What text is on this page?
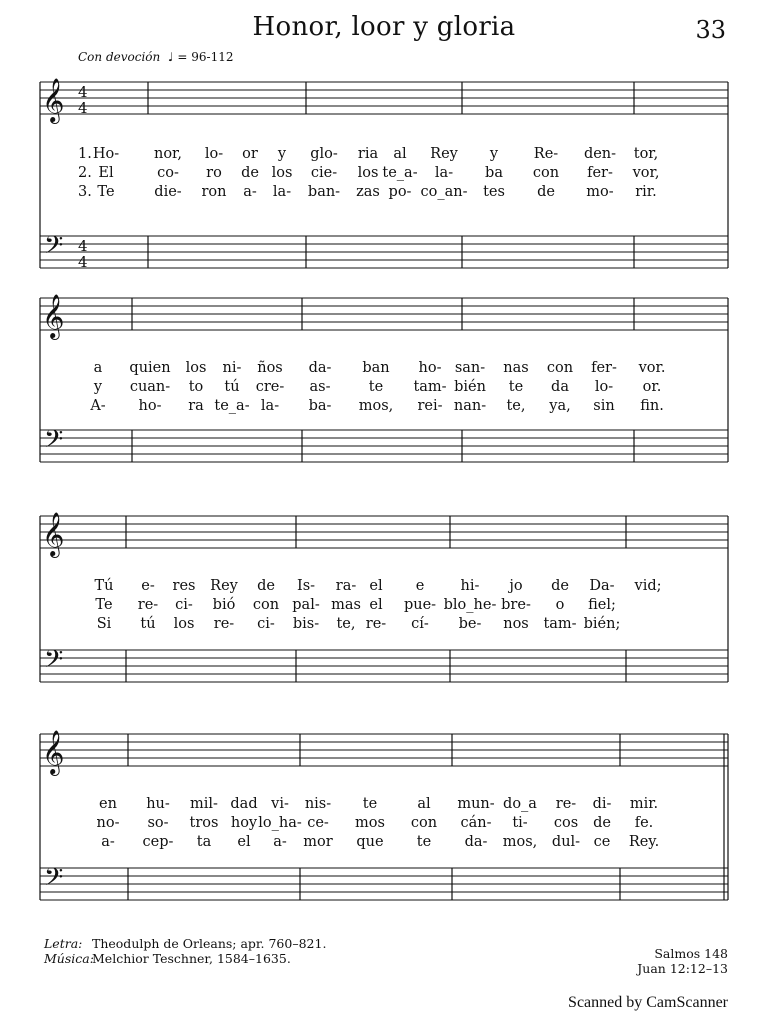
Honor, loor y gloria	33
Con devoción ♩ = 96-112
𝄞
𝄢
4
4
4
4
1. Ho- nor, lo- or y glo- ria al Rey y Re- den- tor,
2. El	co- ro de los cie- los te_a- la- ba con fer- vor,
3. Te	die- ron a- la- ban- zas po- co_an- tes de mo- rir.
𝄞
𝄢
a quien los ni- ños da- ban ho- san- nas con fer- vor.
y cuan- to tú cre- as-	te tam- bién te da lo- or.
A- ho- ra te_a- la- ba- mos, rei- nan- te, ya, sin fin.
𝄞
𝄢
Tú e- res Rey de Is- ra- el e	hi- jo de Da- vid;
Te re- ci- bió con pal- mas el pue- blo_he- bre- o fiel;
Si tú los re- ci- bis- te, re- cí- be- nos tam- bién;
𝄞
𝄢
en hu- mil- dad vi- nis- te	al mun- do_a re- di- mir.
no- so- tros hoy lo_ha- ce- mos con cán- ti- cos de fe.
a- cep- ta el a- mor que te da- mos, dul- ce Rey.
Letra: Theodulph de Orleans; apr. 760–821.
Música:Melchior Teschner, 1584–1635.	Salmos 148
Juan 12:12–13
Scanned by CamScanner
